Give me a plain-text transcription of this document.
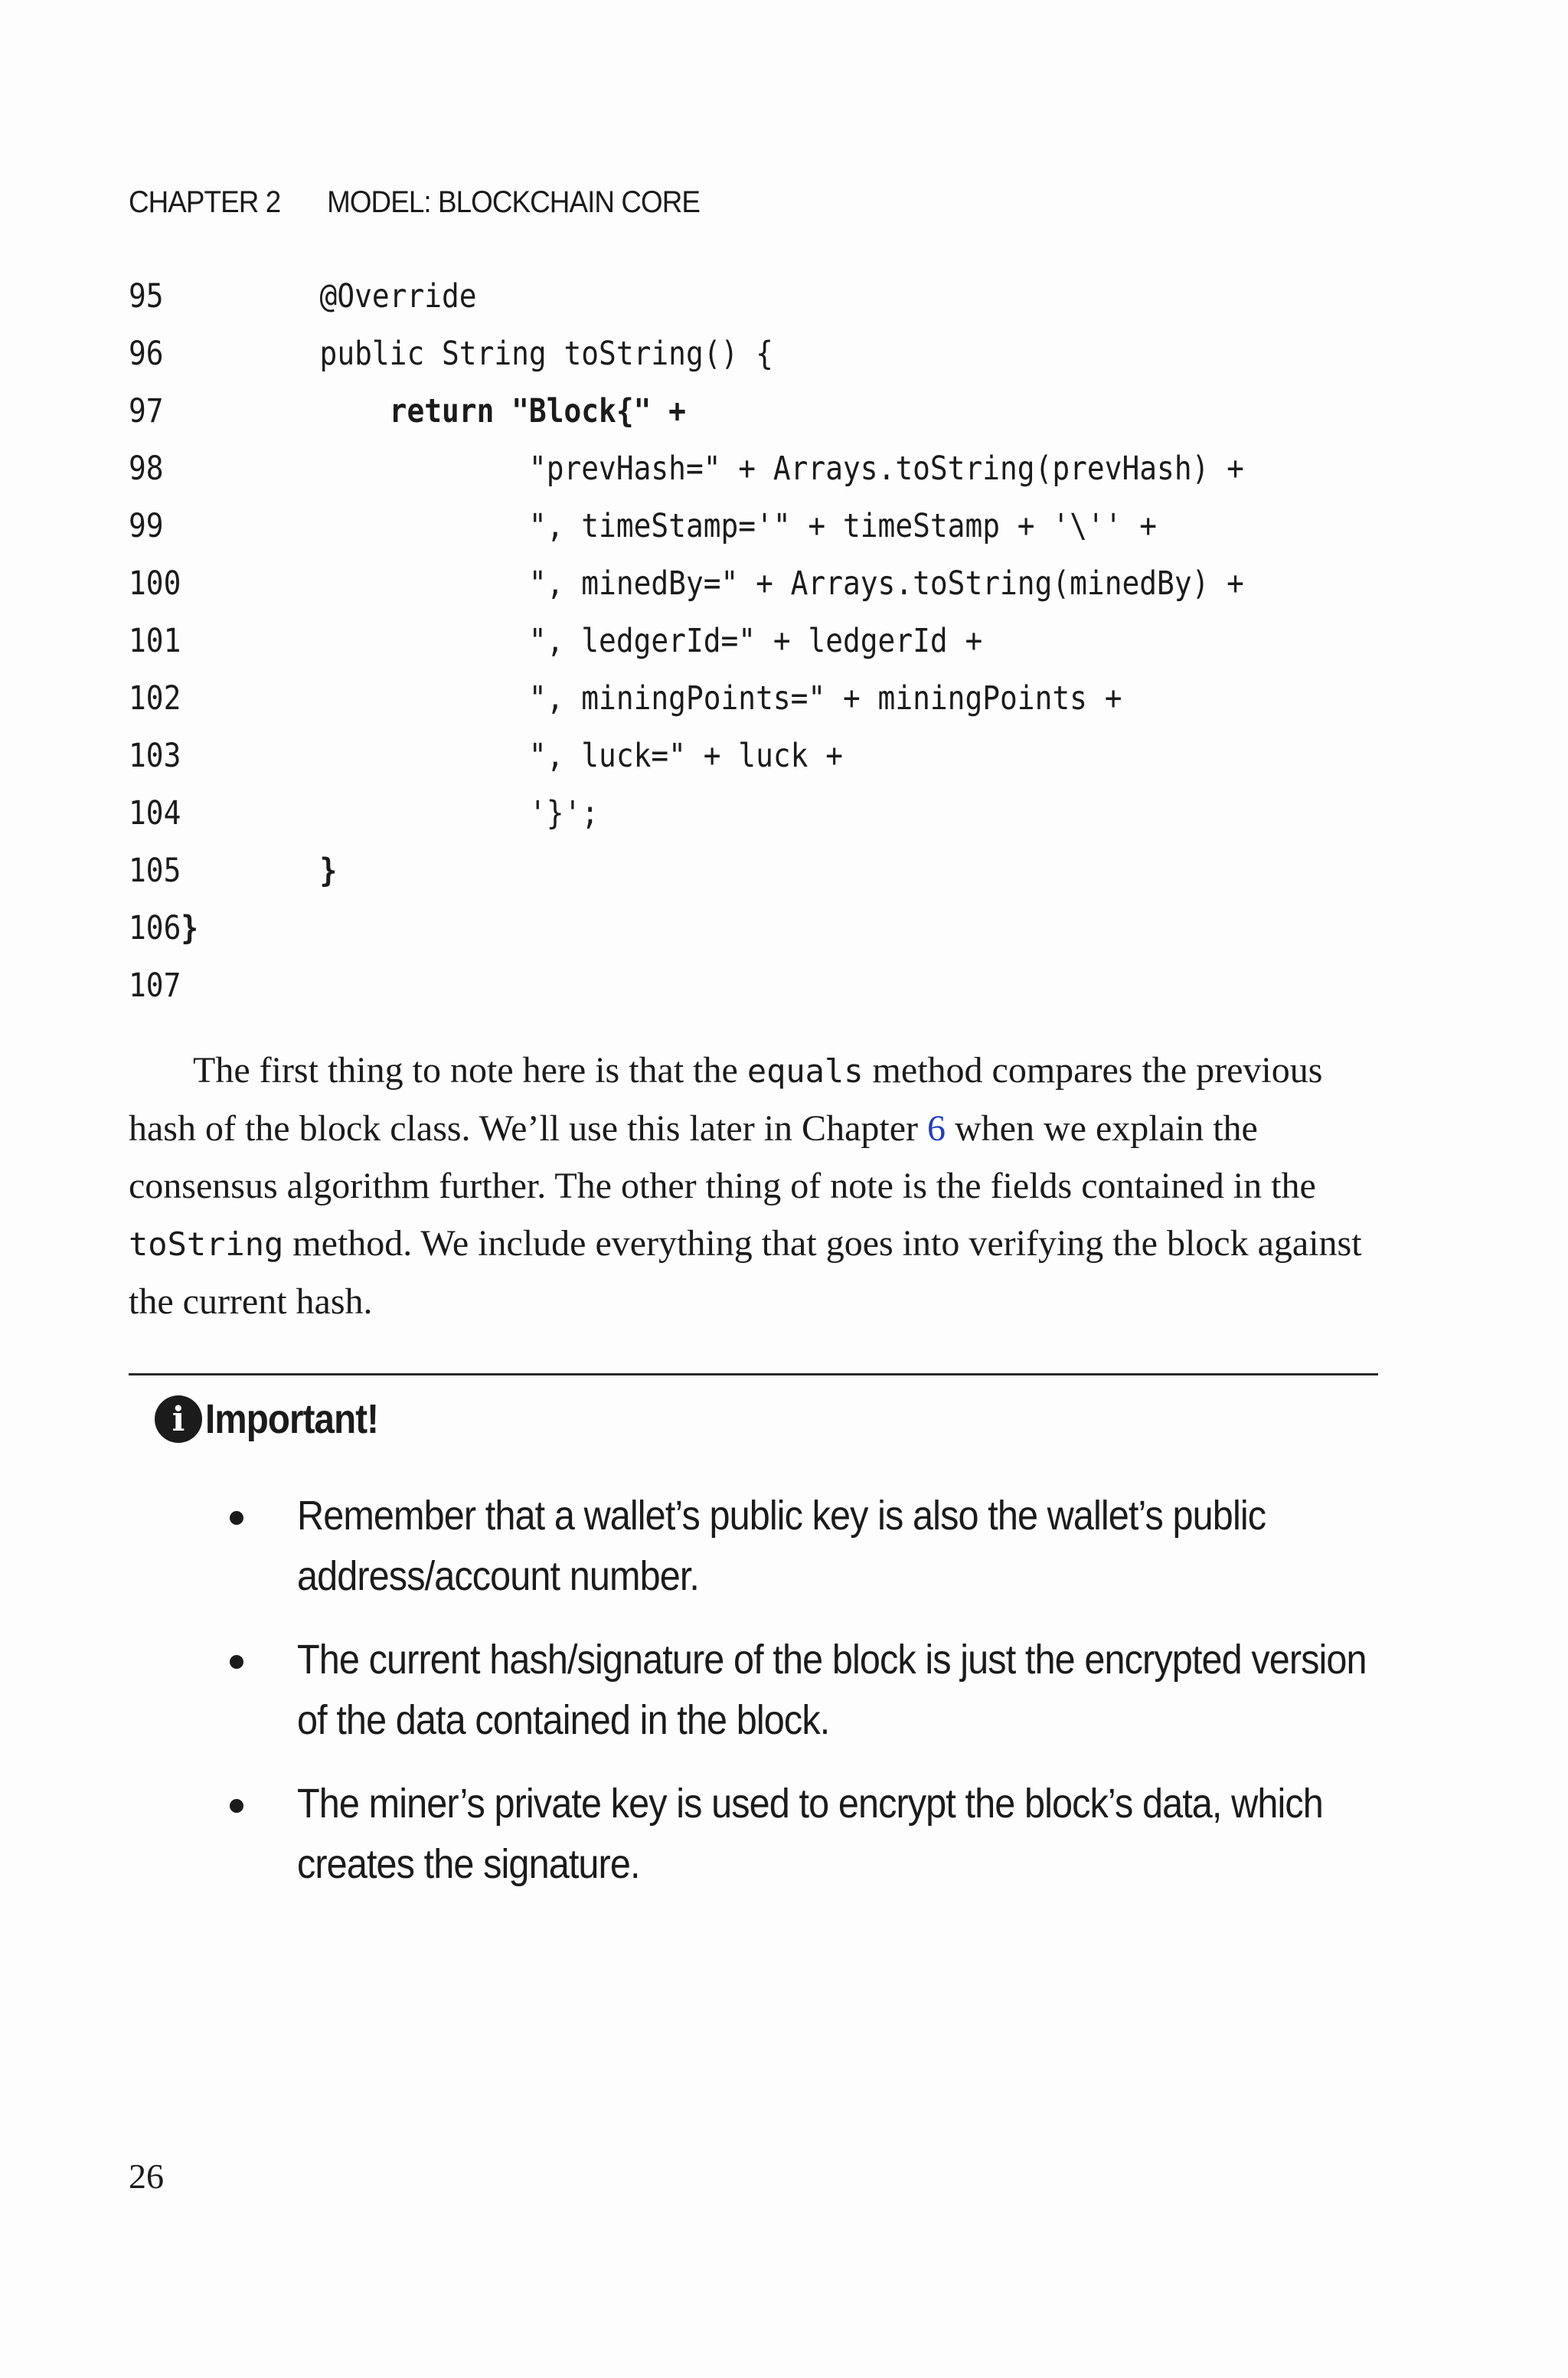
CHAPTER 2 MODEL: BLOCKCHAIN CORE
95	@Override
96	public String toString() {
97	return "Block{" +
98	"prevHash=" + Arrays.toString(prevHash) +
99	", timeStamp='" + timeStamp + '\'' +
100	", minedBy=" + Arrays.toString(minedBy) +
101	", ledgerId=" + ledgerId +
102	", miningPoints=" + miningPoints +
103	", luck=" + luck +
104	'}';
105	}
106}
107

The first thing to note here is that the equals method compares the previous hash of the block class. We’ll use this later in Chapter 6 when we explain the consensus algorithm further. The other thing of note is the fields contained in the toString method. We include everything that goes into verifying the block against the current hash.

i Important!
Remember that a wallet’s public key is also the wallet’s public address/account number.
The current hash/signature of the block is just the encrypted version of the data contained in the block.
The miner’s private key is used to encrypt the block’s data, which creates the signature.
26
